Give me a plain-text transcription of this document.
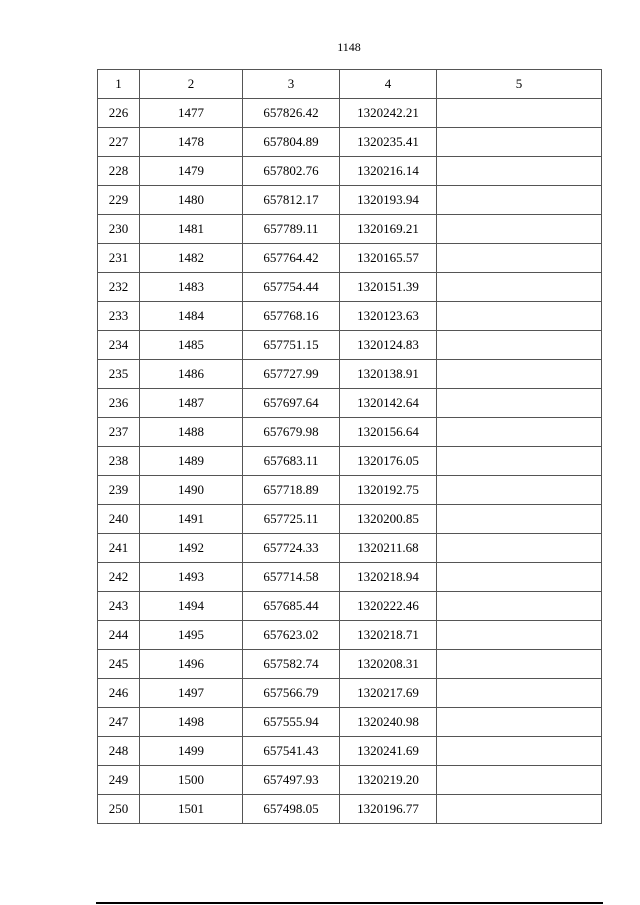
1148
1	2	3	4	5
226	1477	657826.42	1320242.21	
227	1478	657804.89	1320235.41	
228	1479	657802.76	1320216.14	
229	1480	657812.17	1320193.94	
230	1481	657789.11	1320169.21	
231	1482	657764.42	1320165.57	
232	1483	657754.44	1320151.39	
233	1484	657768.16	1320123.63	
234	1485	657751.15	1320124.83	
235	1486	657727.99	1320138.91	
236	1487	657697.64	1320142.64	
237	1488	657679.98	1320156.64	
238	1489	657683.11	1320176.05	
239	1490	657718.89	1320192.75	
240	1491	657725.11	1320200.85	
241	1492	657724.33	1320211.68	
242	1493	657714.58	1320218.94	
243	1494	657685.44	1320222.46	
244	1495	657623.02	1320218.71	
245	1496	657582.74	1320208.31	
246	1497	657566.79	1320217.69	
247	1498	657555.94	1320240.98	
248	1499	657541.43	1320241.69	
249	1500	657497.93	1320219.20	
250	1501	657498.05	1320196.77	
